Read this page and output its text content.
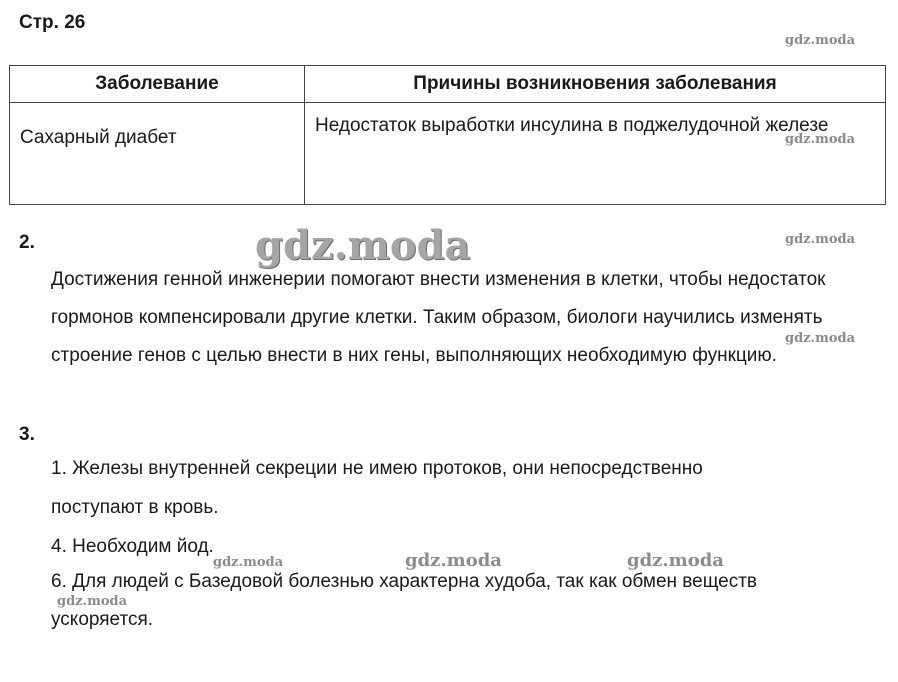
Стр. 26
gdz.moda
Заболевание	Причины возникновения заболевания
Сахарный диабет	Недостаток выработки инсулина в поджелудочной железе
gdz.moda
2.	gdz.moda	gdz.moda
Достижения генной инженерии помогают внести изменения в клетки, чтобы недостаток гормонов компенсировали другие клетки. Таким образом, биологи научились изменять строение генов с целью внести в них гены, выполняющих необходимую функцию.
gdz.moda
3.
1. Железы внутренней секреции не имею протоков, они непосредственно
поступают в кровь.
4. Необходим йод.
gdz.moda	gdz.moda	gdz.moda
6. Для людей с Базедовой болезнью характерна худоба, так как обмен веществ
gdz.moda
ускоряется.
